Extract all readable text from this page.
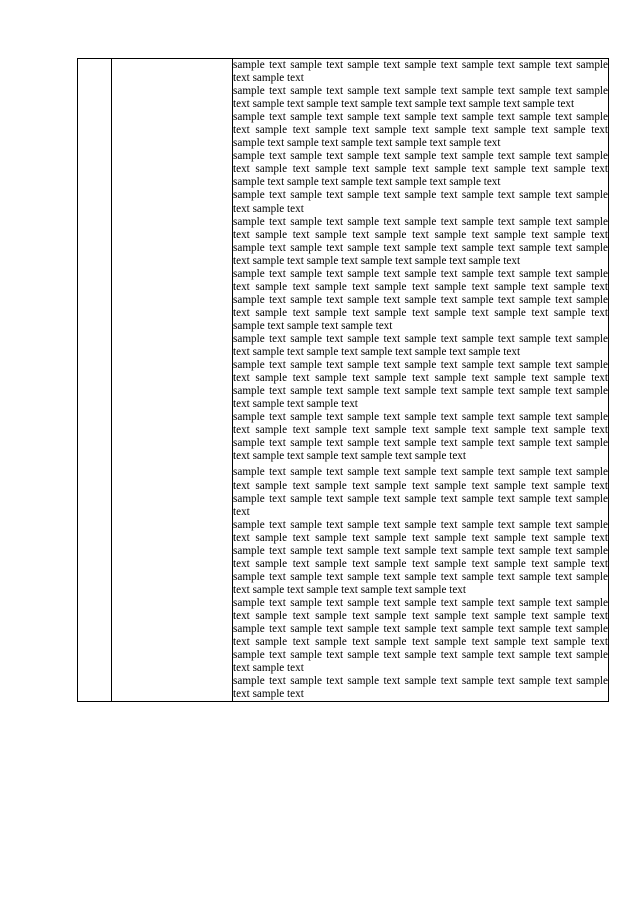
sample text sample text sample text sample text sample text sample text sample text sample text

sample text sample text sample text sample text sample text sample text sample text sample text sample text sample text sample text sample text sample text

sample text sample text sample text sample text sample text sample text sample text sample text sample text sample text sample text sample text sample text sample text sample text sample text sample text sample text

sample text sample text sample text sample text sample text sample text sample text sample text sample text sample text sample text sample text sample text sample text sample text sample text sample text sample text

sample text sample text sample text sample text sample text sample text sample text sample text

sample text sample text sample text sample text sample text sample text sample text sample text sample text sample text sample text sample text sample text sample text sample text sample text sample text sample text sample text sample text sample text sample text sample text sample text sample text

sample text sample text sample text sample text sample text sample text sample text sample text sample text sample text sample text sample text sample text sample text sample text sample text sample text sample text sample text sample text sample text sample text sample text sample text sample text sample text sample text sample text sample text

sample text sample text sample text sample text sample text sample text sample text sample text sample text sample text sample text sample text

sample text sample text sample text sample text sample text sample text sample text sample text sample text sample text sample text sample text sample text sample text sample text sample text sample text sample text sample text sample text sample text sample text

sample text sample text sample text sample text sample text sample text sample text sample text sample text sample text sample text sample text sample text sample text sample text sample text sample text sample text sample text sample text sample text sample text sample text sample text

sample text sample text sample text sample text sample text sample text sample text sample text sample text sample text sample text sample text sample text sample text sample text sample text sample text sample text sample text sample text

sample text sample text sample text sample text sample text sample text sample text sample text sample text sample text sample text sample text sample text sample text sample text sample text sample text sample text sample text sample text sample text sample text sample text sample text sample text sample text sample text sample text sample text sample text sample text sample text sample text sample text sample text sample text sample text

sample text sample text sample text sample text sample text sample text sample text sample text sample text sample text sample text sample text sample text sample text sample text sample text sample text sample text sample text sample text sample text sample text sample text sample text sample text sample text sample text sample text sample text sample text sample text sample text sample text sample text

sample text sample text sample text sample text sample text sample text sample text sample text
